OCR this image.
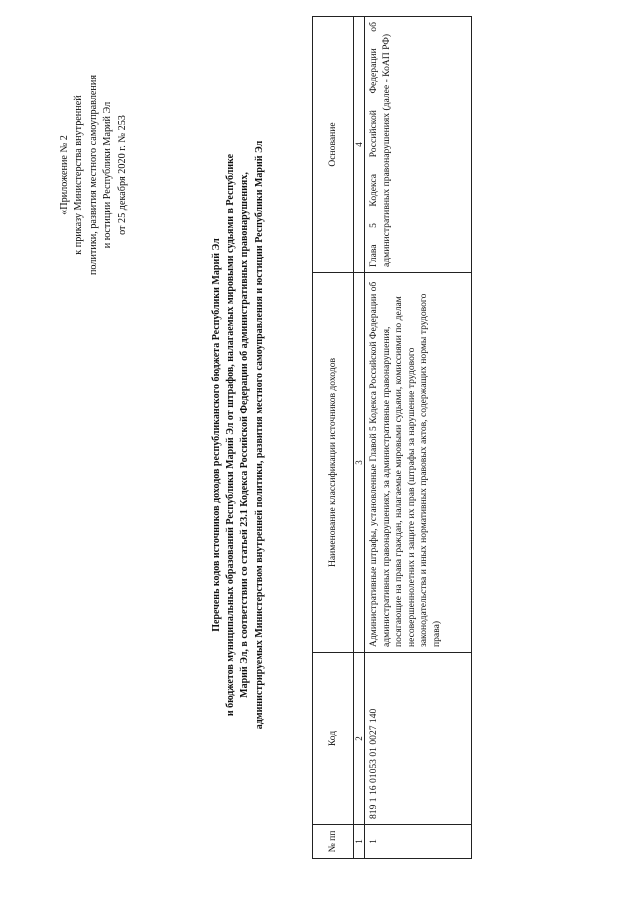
«Приложение № 2 к приказу Министерства внутренней политики, развития местного самоуправления и юстиции Республики Марий Эл от 25 декабря 2020 г. № 253
Перечень кодов источников доходов республиканского бюджета Республики Марий Эл и бюджетов муниципальных образований Республики Марий Эл от штрафов, налагаемых мировыми судьями в Республике Марий Эл, в соответствии со статьей 23.1 Кодекса Российской Федерации об административных правонарушениях, администрируемых Министерством внутренней политики, развития местного самоуправления и юстиции Республики Марий Эл
№ пп	Код	Наименование классификации источников доходов	Основание
1	2	3	4
1	819 1 16 01053 01 0027 140	Административные штрафы, установленные Главой 5 Кодекса Российской Федерации об административных правонарушениях, за административные правонарушения, посягающие на права граждан, налагаемые мировыми судьями, комиссиями по делам несовершеннолетних и защите их прав (штрафы за нарушение трудового законодательства и иных нормативных правовых актов, содержащих нормы трудового права)	Глава 5 Кодекса Российской Федерации об административных правонарушениях (далее - КоАП РФ)
